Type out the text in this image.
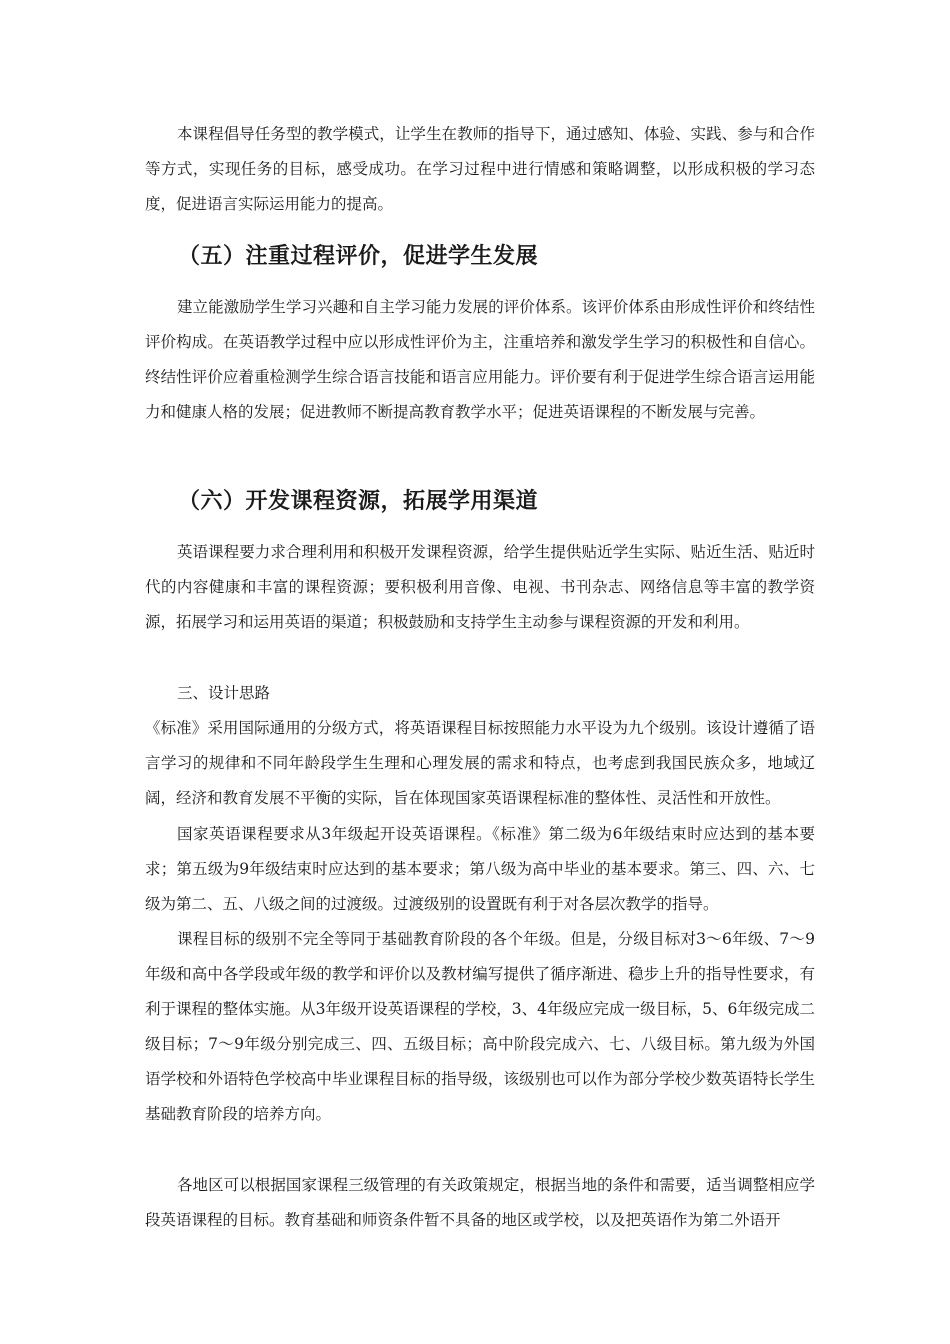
本课程倡导任务型的教学模式，让学生在教师的指导下，通过感知、体验、实践、参与和合作等方式，实现任务的目标，感受成功。在学习过程中进行情感和策略调整，以形成积极的学习态度，促进语言实际运用能力的提高。

（五）注重过程评价，促进学生发展

建立能激励学生学习兴趣和自主学习能力发展的评价体系。该评价体系由形成性评价和终结性评价构成。在英语教学过程中应以形成性评价为主，注重培养和激发学生学习的积极性和自信心。终结性评价应着重检测学生综合语言技能和语言应用能力。评价要有利于促进学生综合语言运用能力和健康人格的发展；促进教师不断提高教育教学水平；促进英语课程的不断发展与完善。

（六）开发课程资源，拓展学用渠道

英语课程要力求合理利用和积极开发课程资源，给学生提供贴近学生实际、贴近生活、贴近时代的内容健康和丰富的课程资源；要积极利用音像、电视、书刊杂志、网络信息等丰富的教学资源，拓展学习和运用英语的渠道；积极鼓励和支持学生主动参与课程资源的开发和利用。

三、设计思路

《标准》采用国际通用的分级方式，将英语课程目标按照能力水平设为九个级别。该设计遵循了语言学习的规律和不同年龄段学生生理和心理发展的需求和特点，也考虑到我国民族众多，地域辽阔，经济和教育发展不平衡的实际，旨在体现国家英语课程标准的整体性、灵活性和开放性。

国家英语课程要求从3年级起开设英语课程。《标准》第二级为6年级结束时应达到的基本要求；第五级为9年级结束时应达到的基本要求；第八级为高中毕业的基本要求。第三、四、六、七级为第二、五、八级之间的过渡级。过渡级别的设置既有利于对各层次教学的指导。

课程目标的级别不完全等同于基础教育阶段的各个年级。但是，分级目标对3～6年级、7～9年级和高中各学段或年级的教学和评价以及教材编写提供了循序渐进、稳步上升的指导性要求，有利于课程的整体实施。从3年级开设英语课程的学校，3、4年级应完成一级目标，5、6年级完成二级目标；7～9年级分别完成三、四、五级目标；高中阶段完成六、七、八级目标。第九级为外国语学校和外语特色学校高中毕业课程目标的指导级，该级别也可以作为部分学校少数英语特长学生基础教育阶段的培养方向。

各地区可以根据国家课程三级管理的有关政策规定，根据当地的条件和需要，适当调整相应学段英语课程的目标。教育基础和师资条件暂不具备的地区或学校，以及把英语作为第二外语开
